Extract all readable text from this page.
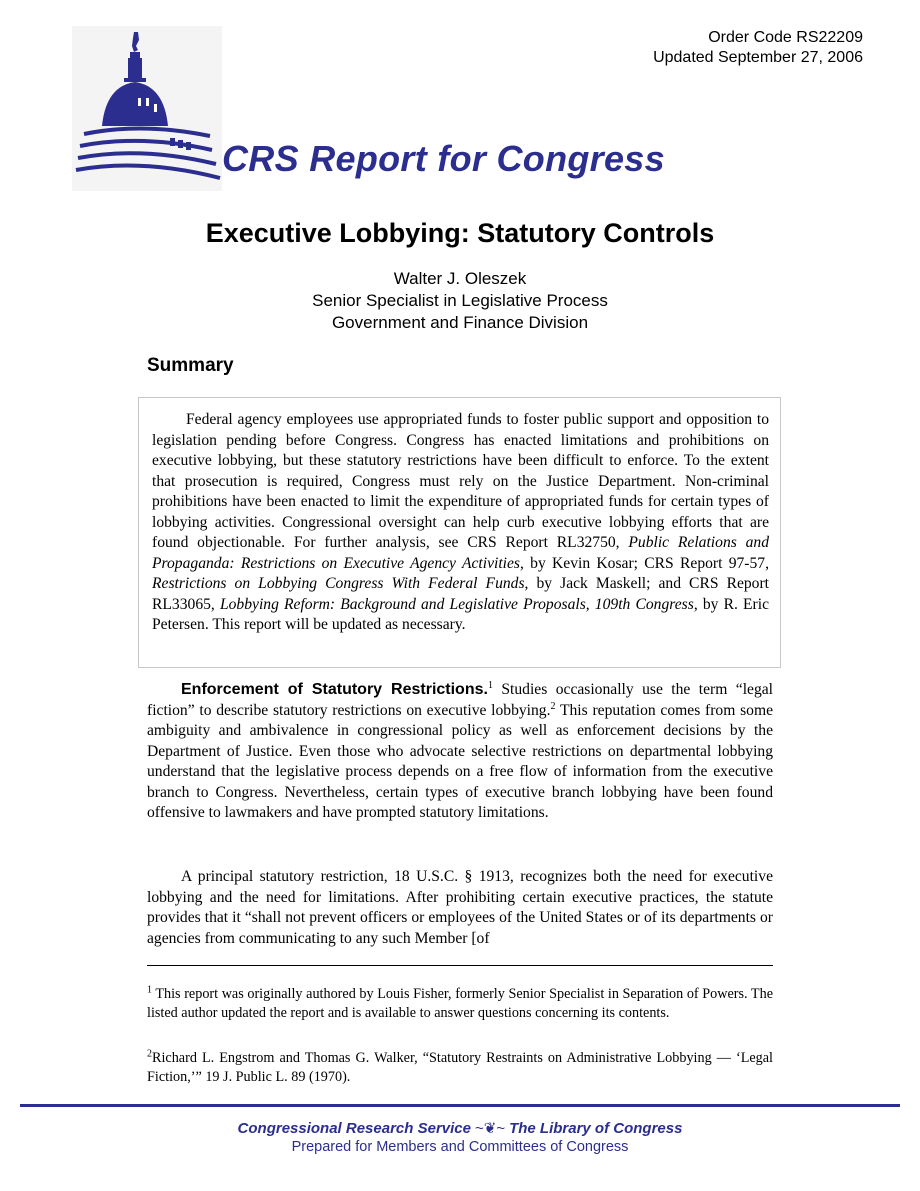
Order Code RS22209
Updated September 27, 2006
CRS Report for Congress
Executive Lobbying: Statutory Controls
Walter J. Oleszek
Senior Specialist in Legislative Process
Government and Finance Division
Summary
Federal agency employees use appropriated funds to foster public support and opposition to legislation pending before Congress. Congress has enacted limitations and prohibitions on executive lobbying, but these statutory restrictions have been difficult to enforce. To the extent that prosecution is required, Congress must rely on the Justice Department. Non-criminal prohibitions have been enacted to limit the expenditure of appropriated funds for certain types of lobbying activities. Congressional oversight can help curb executive lobbying efforts that are found objectionable. For further analysis, see CRS Report RL32750, Public Relations and Propaganda: Restrictions on Executive Agency Activities, by Kevin Kosar; CRS Report 97-57, Restrictions on Lobbying Congress With Federal Funds, by Jack Maskell; and CRS Report RL33065, Lobbying Reform: Background and Legislative Proposals, 109th Congress, by R. Eric Petersen. This report will be updated as necessary.
Enforcement of Statutory Restrictions.$^1$ Studies occasionally use the term “legal fiction” to describe statutory restrictions on executive lobbying.$^2$ This reputation comes from some ambiguity and ambivalence in congressional policy as well as enforcement decisions by the Department of Justice. Even those who advocate selective restrictions on departmental lobbying understand that the legislative process depends on a free flow of information from the executive branch to Congress. Nevertheless, certain types of executive branch lobbying have been found offensive to lawmakers and have prompted statutory limitations.
A principal statutory restriction, 18 U.S.C. § 1913, recognizes both the need for executive lobbying and the need for limitations. After prohibiting certain executive practices, the statute provides that it “shall not prevent officers or employees of the United States or of its departments or agencies from communicating to any such Member [of
$^1$ This report was originally authored by Louis Fisher, formerly Senior Specialist in Separation of Powers. The listed author updated the report and is available to answer questions concerning its contents.
$^2$Richard L. Engstrom and Thomas G. Walker, “Statutory Restraints on Administrative Lobbying — ‘Legal Fiction,’” 19 J. Public L. 89 (1970).
Congressional Research Service ~❦~ The Library of Congress
Prepared for Members and Committees of Congress
